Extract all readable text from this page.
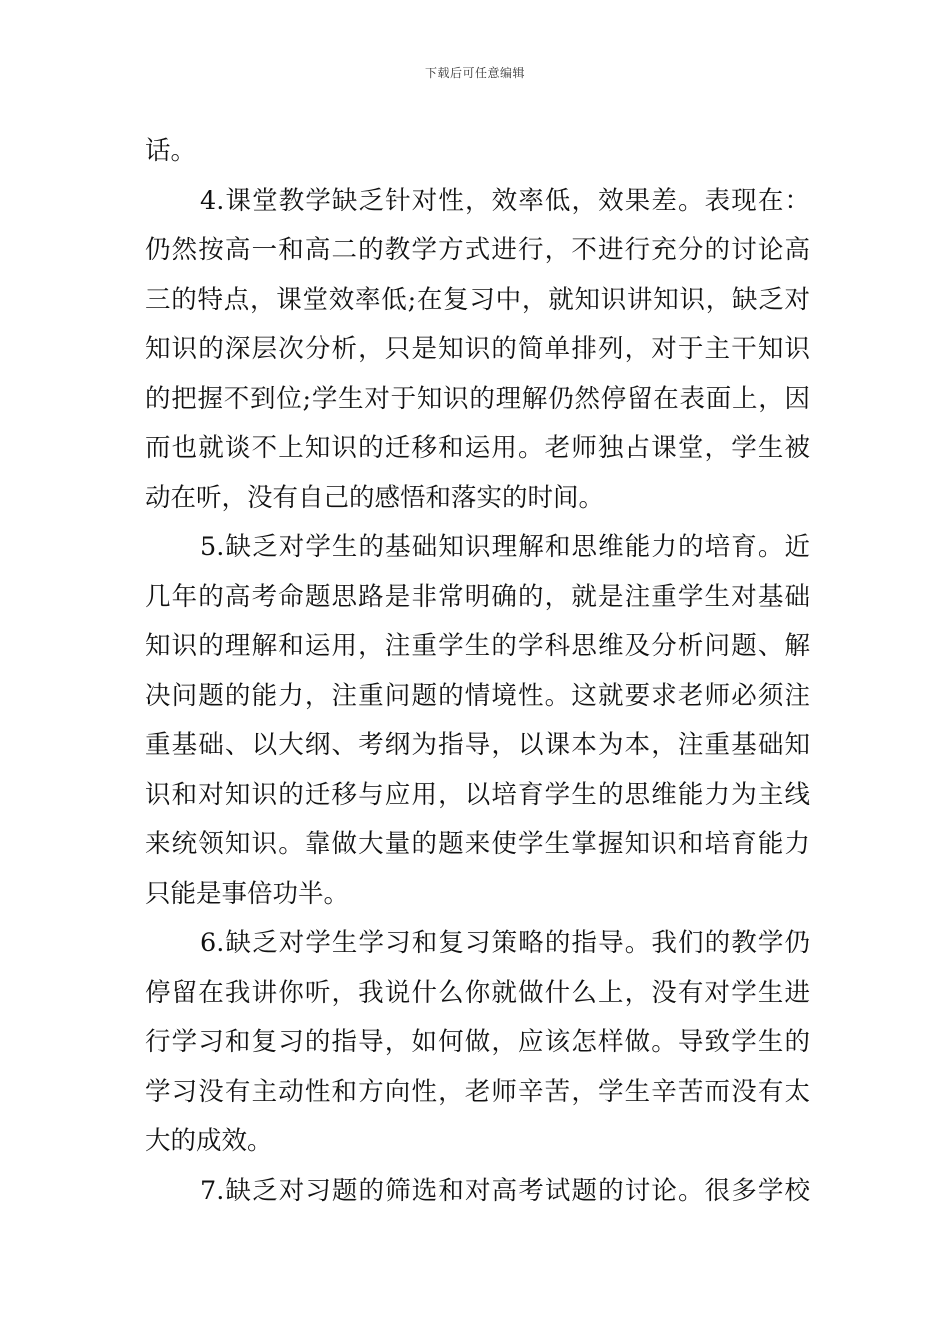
下载后可任意编辑
话。
4.课堂教学缺乏针对性，效率低，效果差。表现在：
仍然按高一和高二的教学方式进行，不进行充分的讨论高
三的特点，课堂效率低;在复习中，就知识讲知识，缺乏对
知识的深层次分析，只是知识的简单排列，对于主干知识
的把握不到位;学生对于知识的理解仍然停留在表面上，因
而也就谈不上知识的迁移和运用。老师独占课堂，学生被
动在听，没有自己的感悟和落实的时间。
5.缺乏对学生的基础知识理解和思维能力的培育。近
几年的高考命题思路是非常明确的，就是注重学生对基础
知识的理解和运用，注重学生的学科思维及分析问题、解
决问题的能力，注重问题的情境性。这就要求老师必须注
重基础、以大纲、考纲为指导，以课本为本，注重基础知
识和对知识的迁移与应用，以培育学生的思维能力为主线
来统领知识。靠做大量的题来使学生掌握知识和培育能力
只能是事倍功半。
6.缺乏对学生学习和复习策略的指导。我们的教学仍
停留在我讲你听，我说什么你就做什么上，没有对学生进
行学习和复习的指导，如何做，应该怎样做。导致学生的
学习没有主动性和方向性，老师辛苦，学生辛苦而没有太
大的成效。
7.缺乏对习题的筛选和对高考试题的讨论。很多学校
